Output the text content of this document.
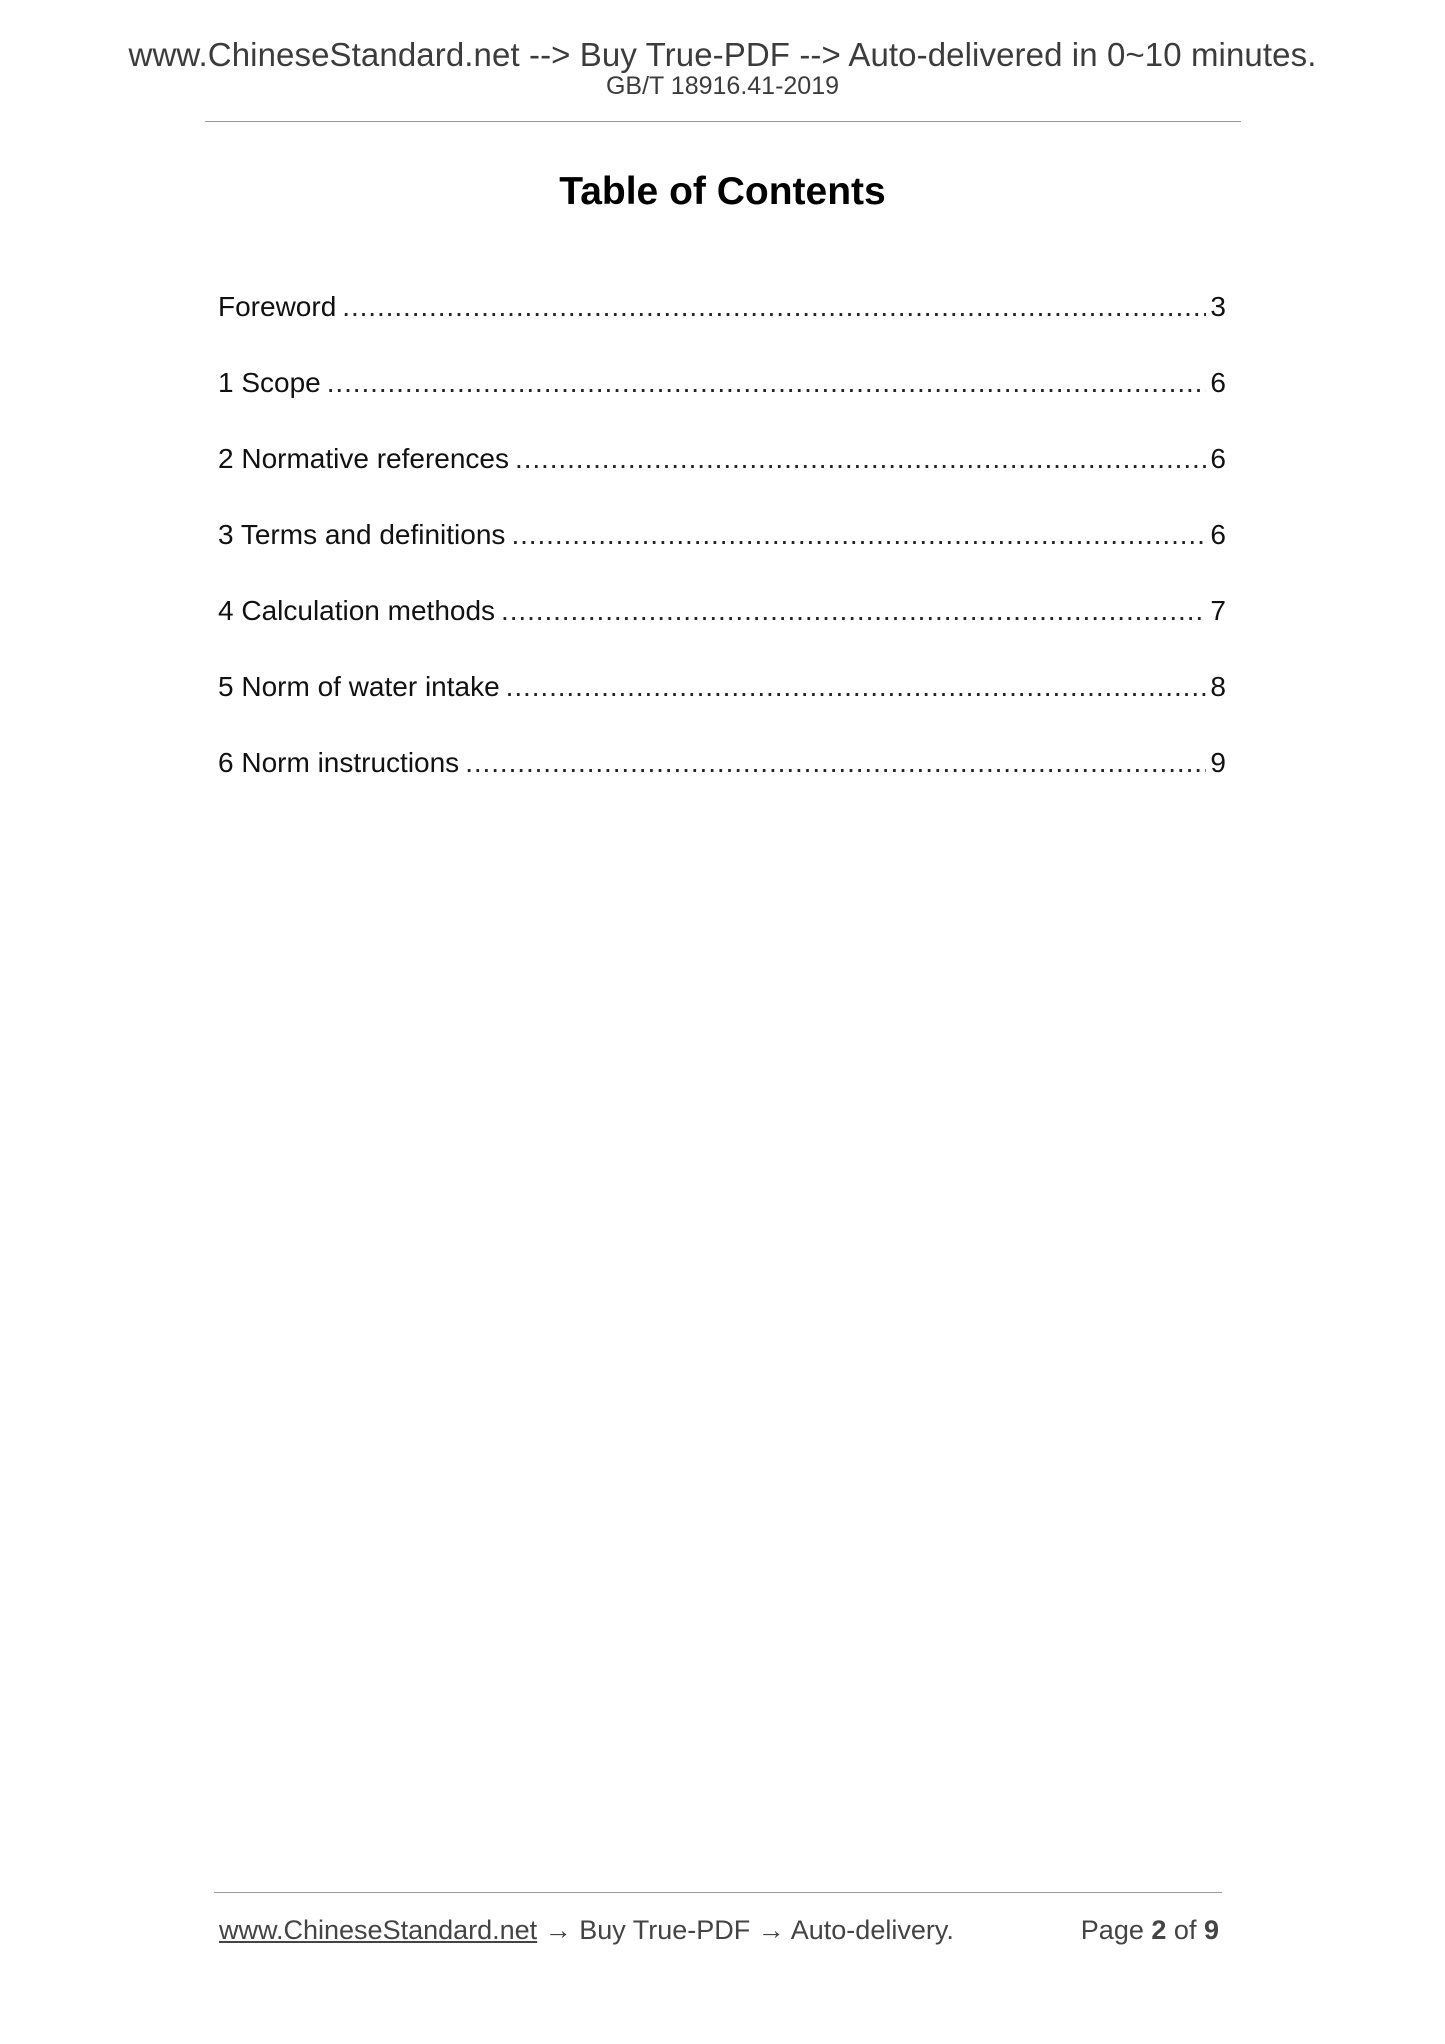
www.ChineseStandard.net --> Buy True-PDF --> Auto-delivered in 0~10 minutes.
GB/T 18916.41-2019
Table of Contents
Foreword .....	3
1 Scope .....	6
2 Normative references .....	6
3 Terms and definitions .....	6
4 Calculation methods .....	7
5 Norm of water intake .....	8
6 Norm instructions .....	9
www.ChineseStandard.net → Buy True-PDF → Auto-delivery.	Page 2 of 9
